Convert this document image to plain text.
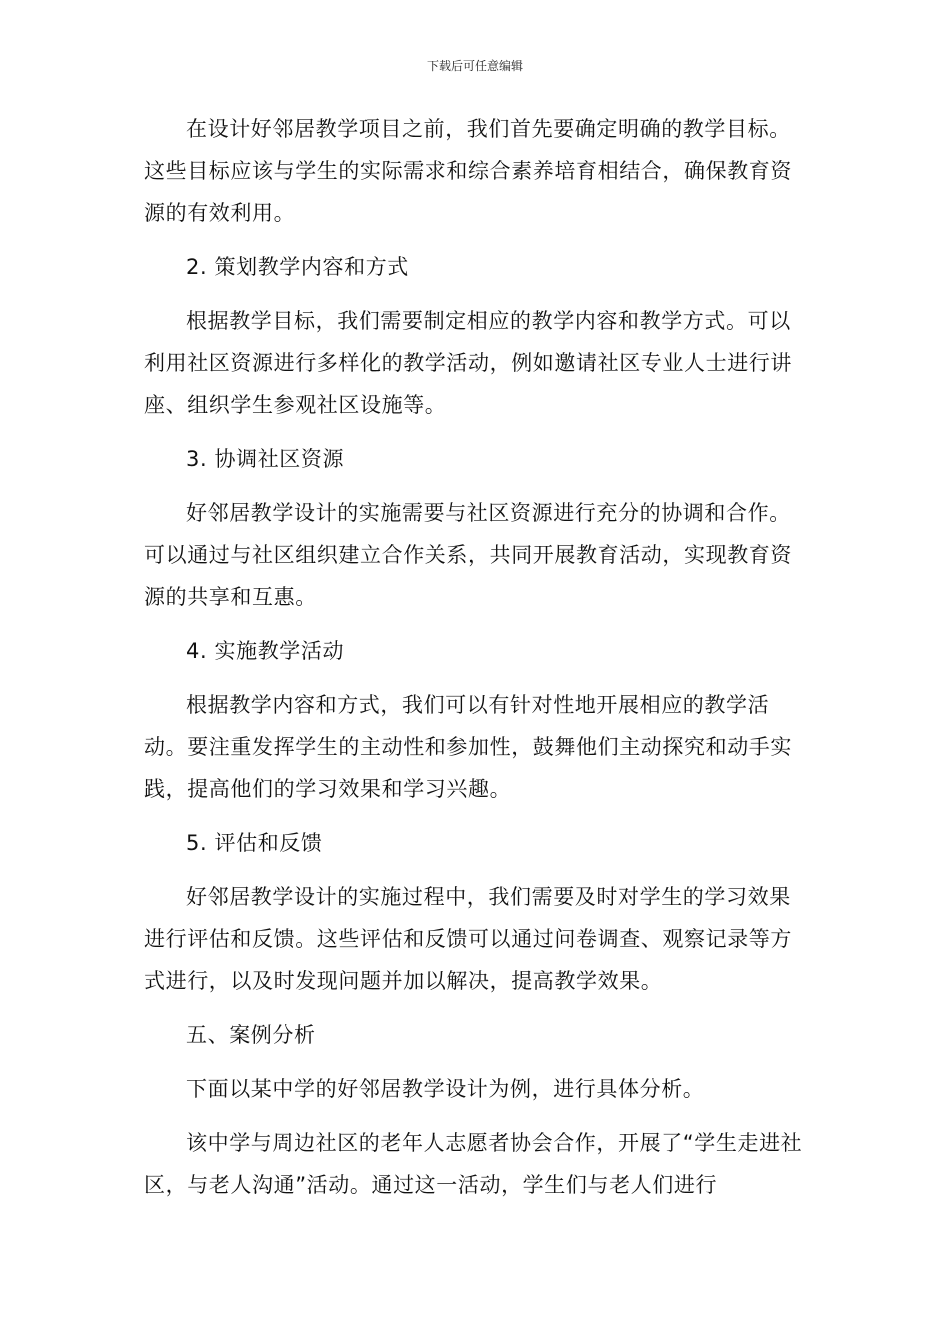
下载后可任意编辑

在设计好邻居教学项目之前，我们首先要确定明确的教学目标。这些目标应该与学生的实际需求和综合素养培育相结合，确保教育资源的有效利用。

2. 策划教学内容和方式

根据教学目标，我们需要制定相应的教学内容和教学方式。可以利用社区资源进行多样化的教学活动，例如邀请社区专业人士进行讲座、组织学生参观社区设施等。

3. 协调社区资源

好邻居教学设计的实施需要与社区资源进行充分的协调和合作。可以通过与社区组织建立合作关系，共同开展教育活动，实现教育资源的共享和互惠。

4. 实施教学活动

根据教学内容和方式，我们可以有针对性地开展相应的教学活动。要注重发挥学生的主动性和参加性，鼓舞他们主动探究和动手实践，提高他们的学习效果和学习兴趣。

5. 评估和反馈

好邻居教学设计的实施过程中，我们需要及时对学生的学习效果进行评估和反馈。这些评估和反馈可以通过问卷调查、观察记录等方式进行，以及时发现问题并加以解决，提高教学效果。

五、案例分析

下面以某中学的好邻居教学设计为例，进行具体分析。

该中学与周边社区的老年人志愿者协会合作，开展了“学生走进社区，与老人沟通”活动。通过这一活动，学生们与老人们进行
